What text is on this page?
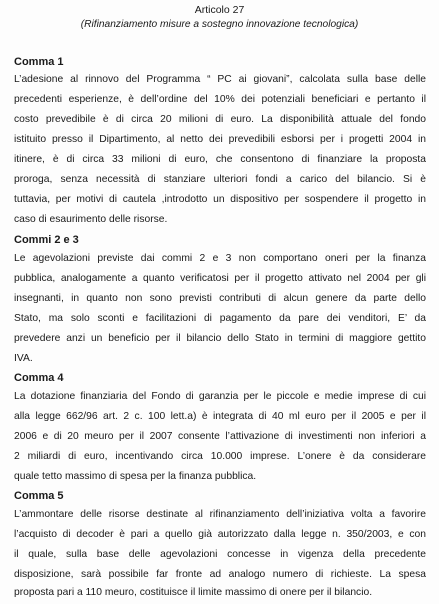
Articolo 27
(Rifinanziamento misure a sostegno innovazione tecnologica)
Comma 1
L’adesione al rinnovo del Programma “ PC ai giovani”, calcolata sulla base delle
precedenti esperienze, è dell’ordine del 10% dei potenziali beneficiari e pertanto il
costo prevedibile è di circa 20 milioni di euro. La disponibilità attuale del fondo
istituito presso il Dipartimento, al netto dei prevedibili esborsi per i progetti 2004 in
itinere, è di circa 33 milioni di euro, che consentono di finanziare la proposta
proroga, senza necessità di stanziare ulteriori fondi a carico del bilancio. Si è
tuttavia, per motivi di cautela ,introdotto un dispositivo per sospendere il progetto in
caso di esaurimento delle risorse.
Commi 2 e 3
Le agevolazioni previste dai commi 2 e 3 non comportano oneri per la finanza
pubblica, analogamente a quanto verificatosi per il progetto attivato nel 2004 per gli
insegnanti, in quanto non sono previsti contributi di alcun genere da parte dello
Stato, ma solo sconti e facilitazioni di pagamento da pare dei venditori, E’ da
prevedere anzi un beneficio per il bilancio dello Stato in termini di maggiore gettito
IVA.
Comma 4
La dotazione finanziaria del Fondo di garanzia per le piccole e medie imprese di cui
alla legge 662/96 art. 2 c. 100 lett.a) è integrata di 40 ml euro per il 2005 e per il
2006 e di 20 meuro per il 2007 consente l’attivazione di investimenti non inferiori a
2 miliardi di euro, incentivando circa 10.000 imprese. L’onere è da considerare
quale tetto massimo di spesa per la finanza pubblica.
Comma 5
L’ammontare delle risorse destinate al rifinanziamento dell’iniziativa volta a favorire
l’acquisto di decoder è pari a quello già autorizzato dalla legge n. 350/2003, e con
il quale, sulla base delle agevolazioni concesse in vigenza della precedente
disposizione, sarà possibile far fronte ad analogo numero di richieste. La spesa
proposta pari a 110 meuro, costituisce il limite massimo di onere per il bilancio.
